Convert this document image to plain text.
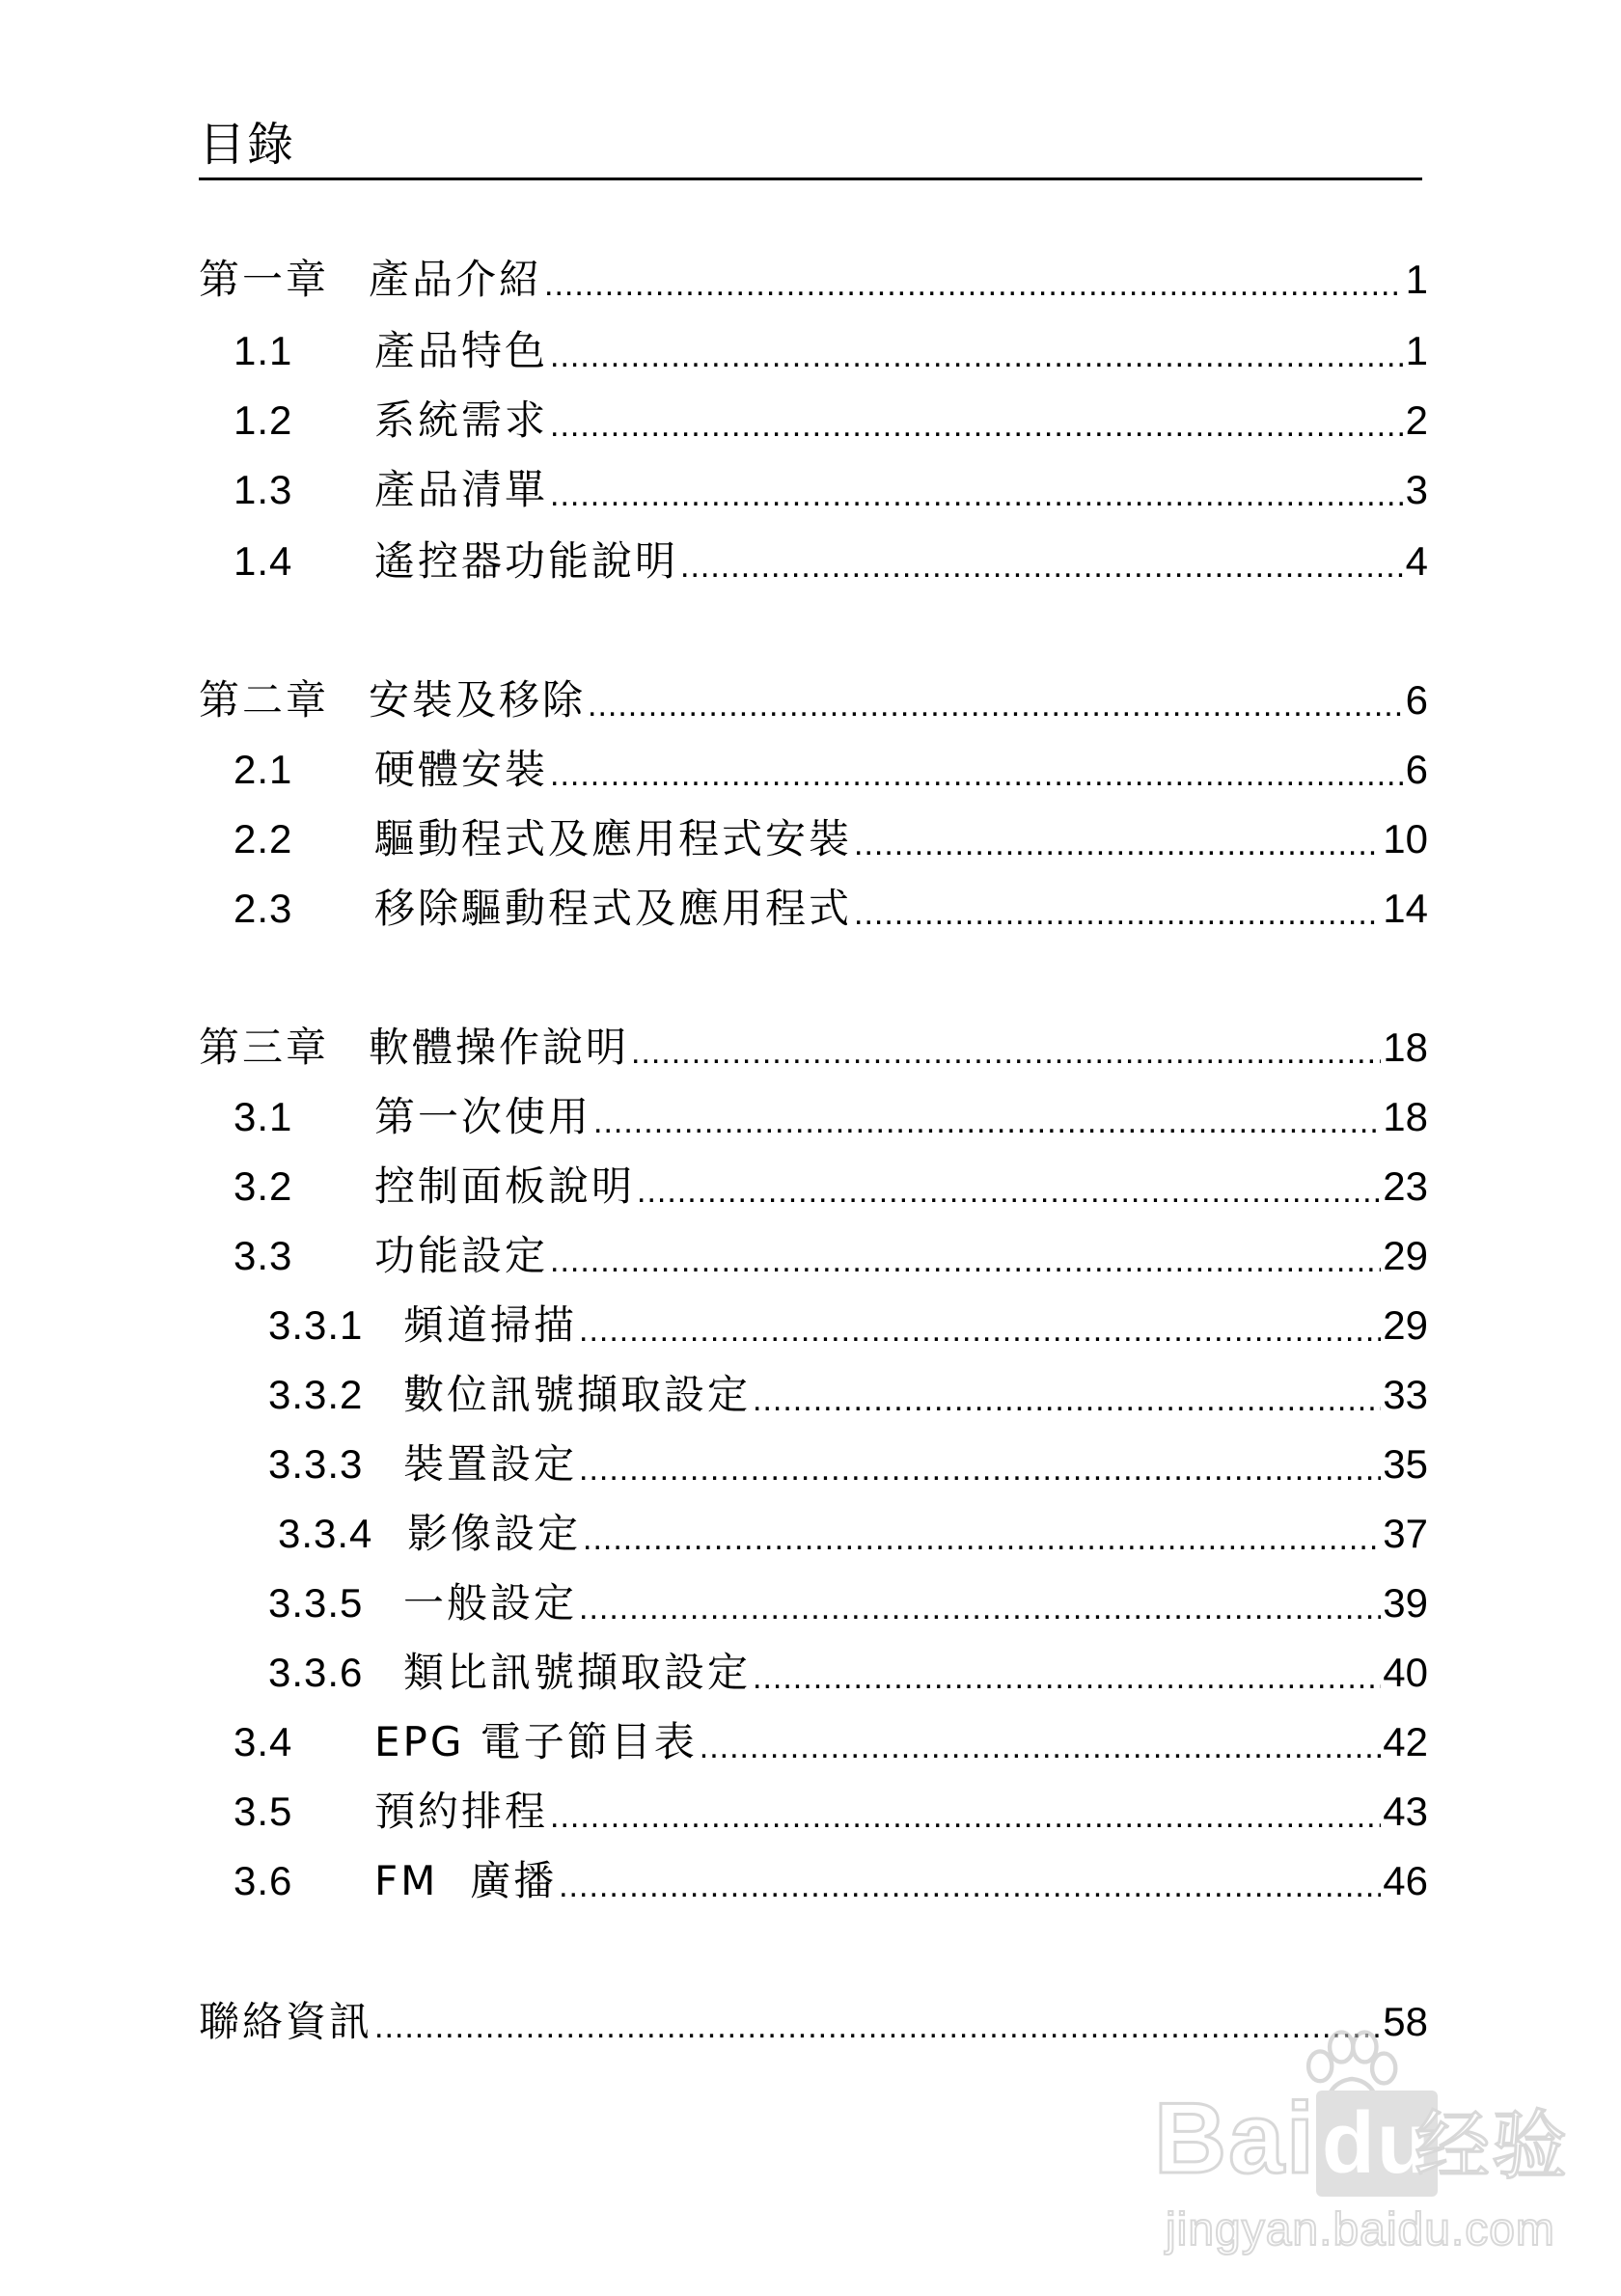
目錄
第一章 產品介紹 .....	1
1.1	產品特色 .....	1
1.2	系統需求 .....	2
1.3	產品清單 .....	3
1.4	遙控器功能說明 .....	4
第二章 安裝及移除 .....	6
2.1	硬體安裝 .....	6
2.2	驅動程式及應用程式安裝 .....	10
2.3	移除驅動程式及應用程式 .....	14
第三章 軟體操作說明 .....	18
3.1	第一次使用 .....	18
3.2	控制面板說明 .....	23
3.3	功能設定 .....	29
3.3.1 頻道掃描 .....	29
3.3.2 數位訊號擷取設定 .....	33
3.3.3 裝置設定 .....	35
3.3.4 影像設定 .....	37
3.3.5 一般設定 .....	39
3.3.6 類比訊號擷取設定 .....	40
3.4	EPG 電子節目表 .....	42
3.5	預約排程 .....	43
3.6	FM  廣播 .....	46
聯絡資訊 .....	58
Baidu
经验
jingyan.baidu.com
